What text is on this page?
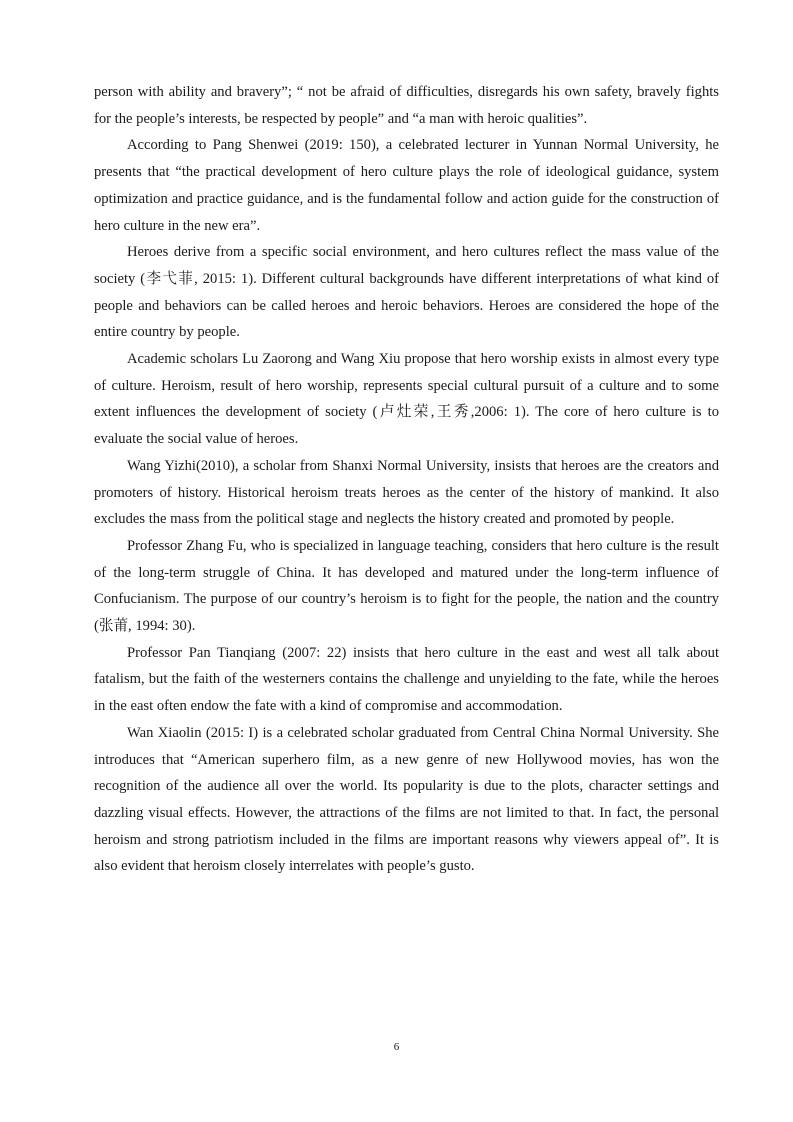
person with ability and bravery”; “ not be afraid of difficulties, disregards his own safety, bravely fights for the people’s interests, be respected by people” and “a man with heroic qualities”.

According to Pang Shenwei (2019: 150), a celebrated lecturer in Yunnan Normal University, he presents that “the practical development of hero culture plays the role of ideological guidance, system optimization and practice guidance, and is the fundamental follow and action guide for the construction of hero culture in the new era”.

Heroes derive from a specific social environment, and hero cultures reflect the mass value of the society (李弋菲, 2015: 1). Different cultural backgrounds have different interpretations of what kind of people and behaviors can be called heroes and heroic behaviors. Heroes are considered the hope of the entire country by people.

Academic scholars Lu Zaorong and Wang Xiu propose that hero worship exists in almost every type of culture. Heroism, result of hero worship, represents special cultural pursuit of a culture and to some extent influences the development of society (卢灶荣,王秀,2006: 1). The core of hero culture is to evaluate the social value of heroes.

Wang Yizhi(2010), a scholar from Shanxi Normal University, insists that heroes are the creators and promoters of history. Historical heroism treats heroes as the center of the history of mankind. It also excludes the mass from the political stage and neglects the history created and promoted by people.

Professor Zhang Fu, who is specialized in language teaching, considers that hero culture is the result of the long-term struggle of China. It has developed and matured under the long-term influence of Confucianism. The purpose of our country’s heroism is to fight for the people, the nation and the country (张莆, 1994: 30).

Professor Pan Tianqiang (2007: 22) insists that hero culture in the east and west all talk about fatalism, but the faith of the westerners contains the challenge and unyielding to the fate, while the heroes in the east often endow the fate with a kind of compromise and accommodation.

Wan Xiaolin (2015: I) is a celebrated scholar graduated from Central China Normal University. She introduces that “American superhero film, as a new genre of new Hollywood movies, has won the recognition of the audience all over the world. Its popularity is due to the plots, character settings and dazzling visual effects. However, the attractions of the films are not limited to that. In fact, the personal heroism and strong patriotism included in the films are important reasons why viewers appeal of”. It is also evident that heroism closely interrelates with people’s gusto.

6
